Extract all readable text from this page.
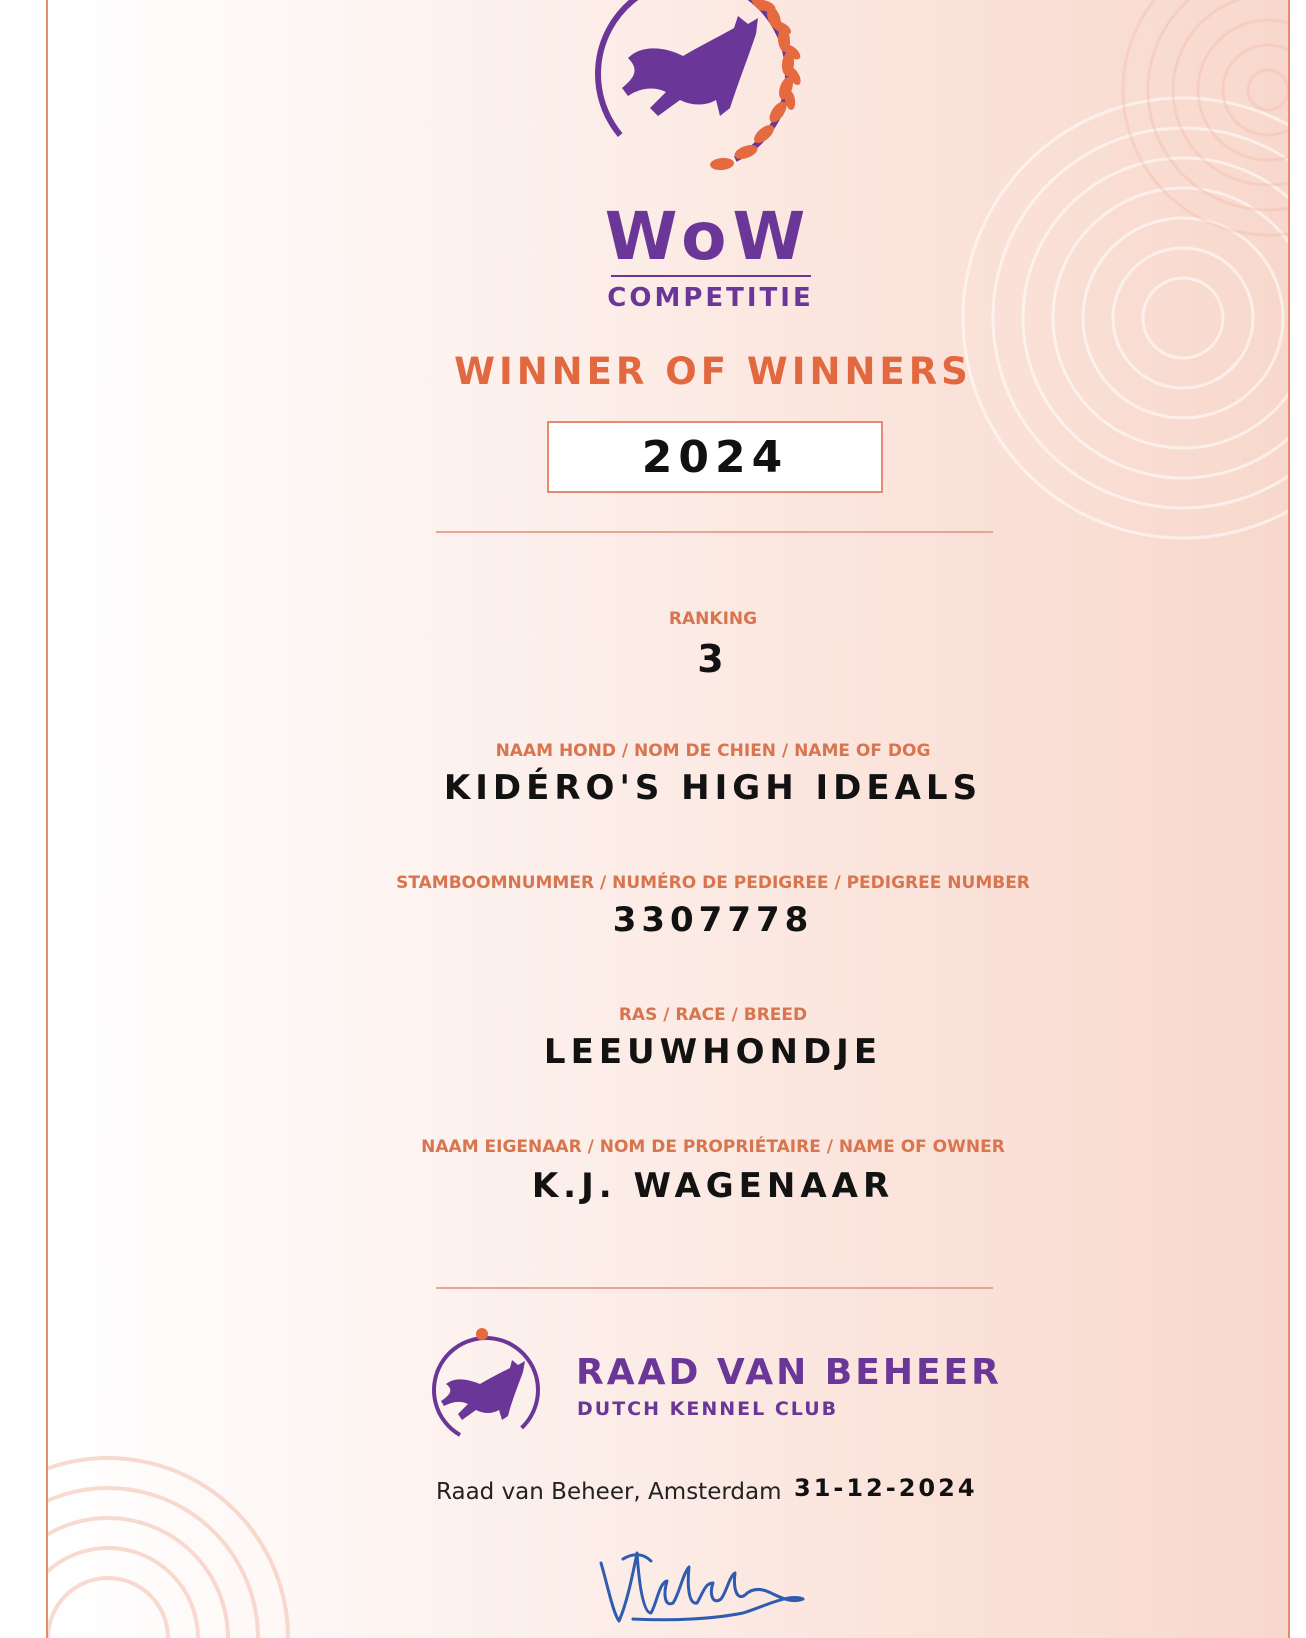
WoW
COMPETITIE
WINNER OF WINNERS
2024
RANKING
3
NAAM HOND / NOM DE CHIEN / NAME OF DOG
KIDÉRO'S HIGH IDEALS
STAMBOOMNUMMER / NUMÉRO DE PEDIGREE / PEDIGREE NUMBER
3307778
RAS / RACE / BREED
LEEUWHONDJE
NAAM EIGENAAR / NOM DE PROPRIÉTAIRE / NAME OF OWNER
K.J. WAGENAAR
RAAD VAN BEHEER
DUTCH KENNEL CLUB
Raad van Beheer, Amsterdam 31-12-2024
